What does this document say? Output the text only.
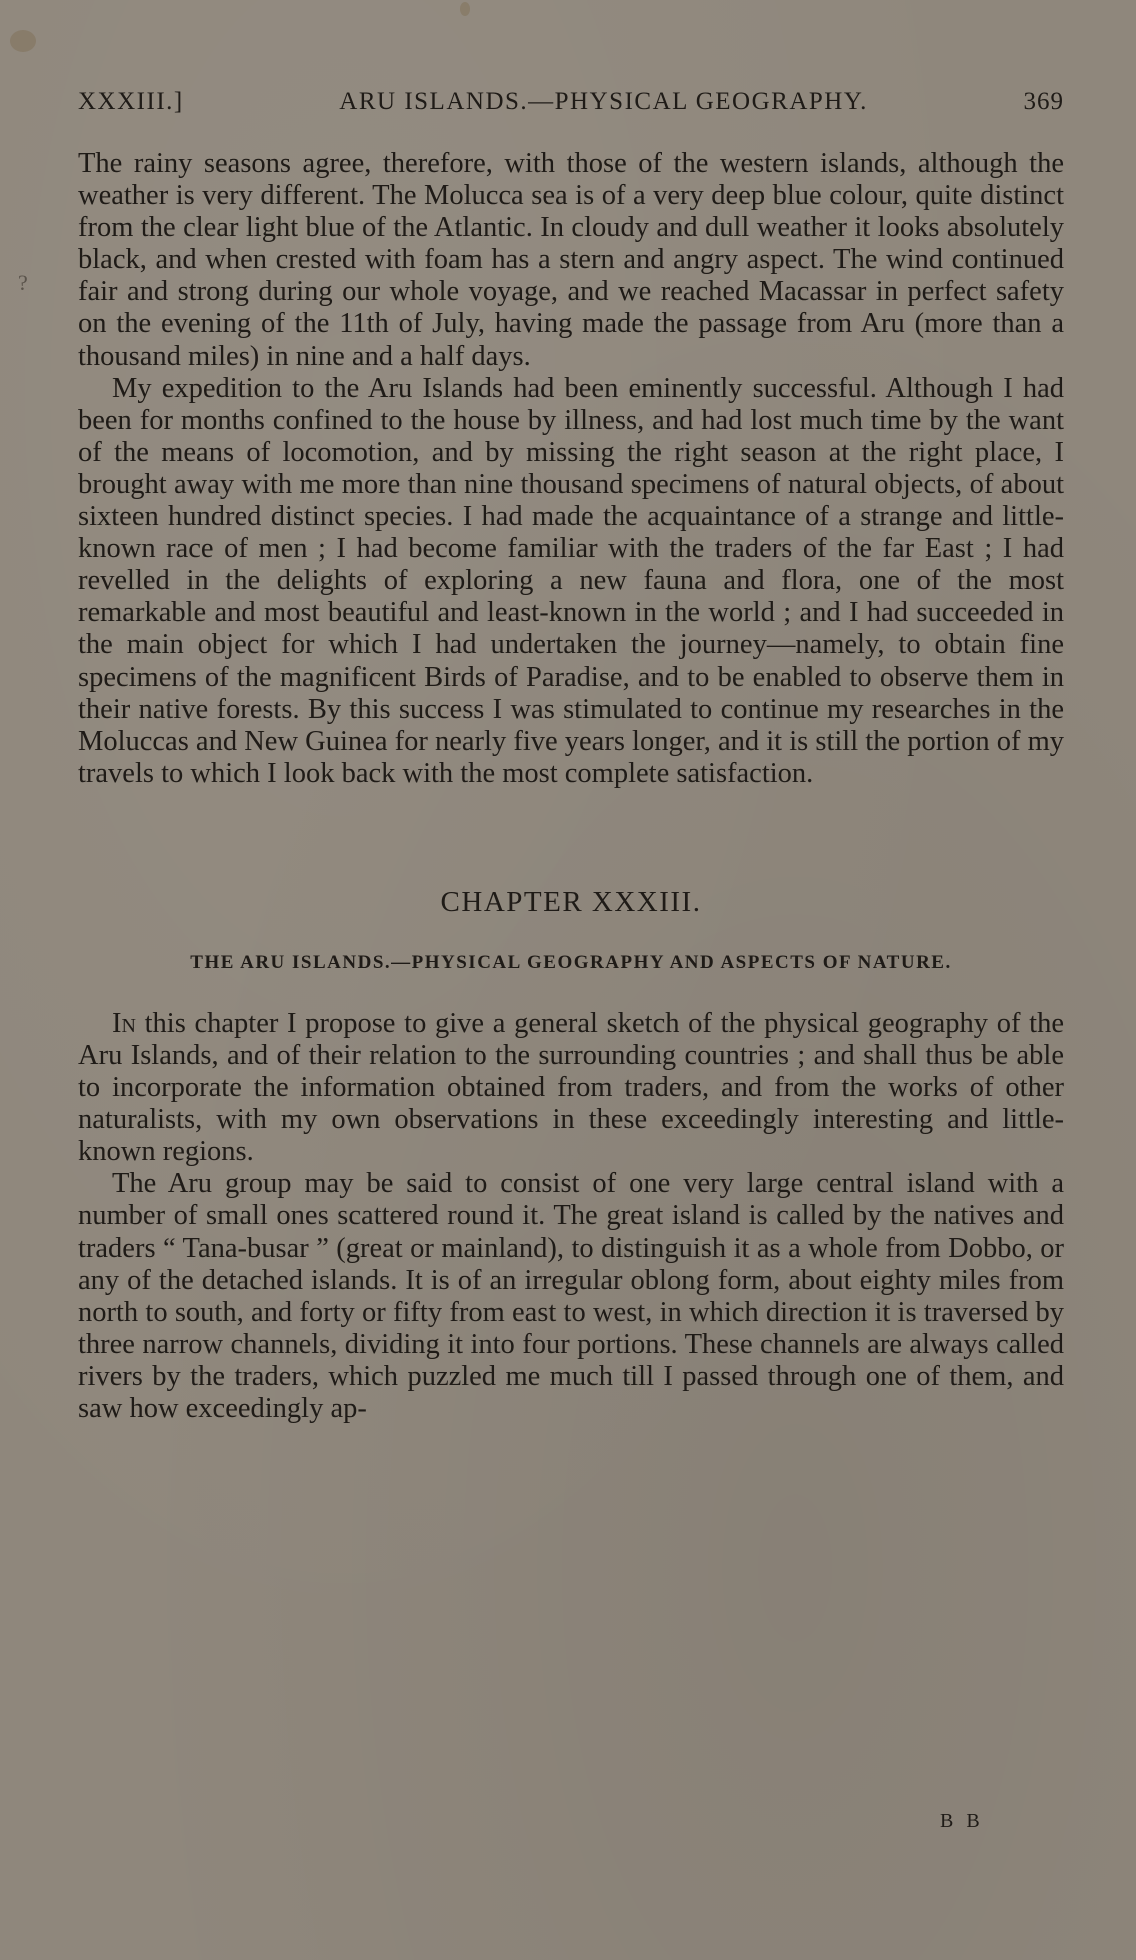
?
XXXIII.]	ARU ISLANDS.—PHYSICAL GEOGRAPHY.	369

The rainy seasons agree, therefore, with those of the western islands, although the weather is very different. The Molucca sea is of a very deep blue colour, quite distinct from the clear light blue of the Atlantic. In cloudy and dull weather it looks absolutely black, and when crested with foam has a stern and angry aspect. The wind continued fair and strong during our whole voyage, and we reached Macassar in perfect safety on the evening of the 11th of July, having made the passage from Aru (more than a thousand miles) in nine and a half days.

My expedition to the Aru Islands had been eminently successful. Although I had been for months confined to the house by illness, and had lost much time by the want of the means of locomotion, and by missing the right season at the right place, I brought away with me more than nine thousand specimens of natural objects, of about sixteen hundred distinct species. I had made the acquaintance of a strange and little-known race of men ; I had become familiar with the traders of the far East ; I had revelled in the delights of exploring a new fauna and flora, one of the most remarkable and most beautiful and least-known in the world ; and I had succeeded in the main object for which I had undertaken the journey—namely, to obtain fine specimens of the magnificent Birds of Paradise, and to be enabled to observe them in their native forests. By this success I was stimulated to continue my researches in the Moluccas and New Guinea for nearly five years longer, and it is still the portion of my travels to which I look back with the most complete satisfaction.

CHAPTER XXXIII.
THE ARU ISLANDS.—PHYSICAL GEOGRAPHY AND ASPECTS OF NATURE.

In this chapter I propose to give a general sketch of the physical geography of the Aru Islands, and of their relation to the surrounding countries ; and shall thus be able to incorporate the information obtained from traders, and from the works of other naturalists, with my own observations in these exceedingly interesting and little-known regions.

The Aru group may be said to consist of one very large central island with a number of small ones scattered round it. The great island is called by the natives and traders “ Tana-busar ” (great or mainland), to distinguish it as a whole from Dobbo, or any of the detached islands. It is of an irregular oblong form, about eighty miles from north to south, and forty or fifty from east to west, in which direction it is traversed by three narrow channels, dividing it into four portions. These channels are always called rivers by the traders, which puzzled me much till I passed through one of them, and saw how exceedingly ap-

B B
